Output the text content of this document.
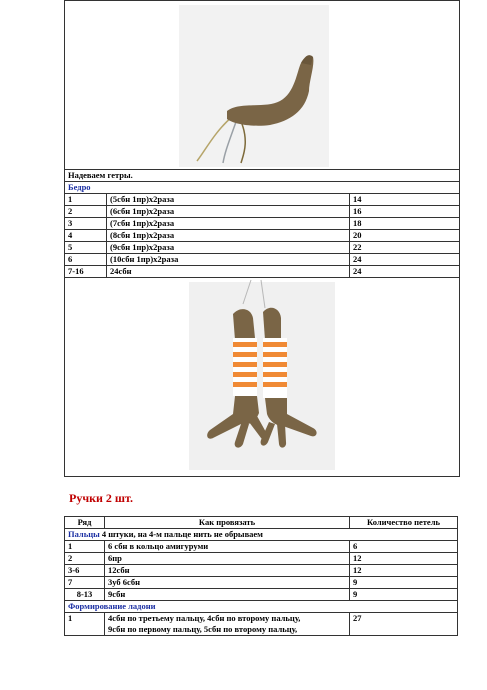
Надеваем гетры.		
Бедро		
1	(5сбн 1пр)х2раза	14
2	(6сбн 1пр)х2раза	16
3	(7сбн 1пр)х2раза	18
4	(8сбн 1пр)х2раза	20
5	(9сбн 1пр)х2раза	22
6	(10сбн 1пр)х2раза	24
7-16	24сбн	24

Ручки 2 шт.
Ряд	Как провязать	Количество петель
Пальцы 4 штуки, на 4-м пальце нить не обрываем		
1	6 сбн в кольцо амигуруми	6
2	6пр	12
3-6	12сбн	12
7	3уб 6сбн	9
8-13	9сбн	9
Формирование ладони		
1	4сбн по третьему пальцу, 4сбн по второму пальцу,
9сбн по первому пальцу, 5сбн по второму пальцу,	27
